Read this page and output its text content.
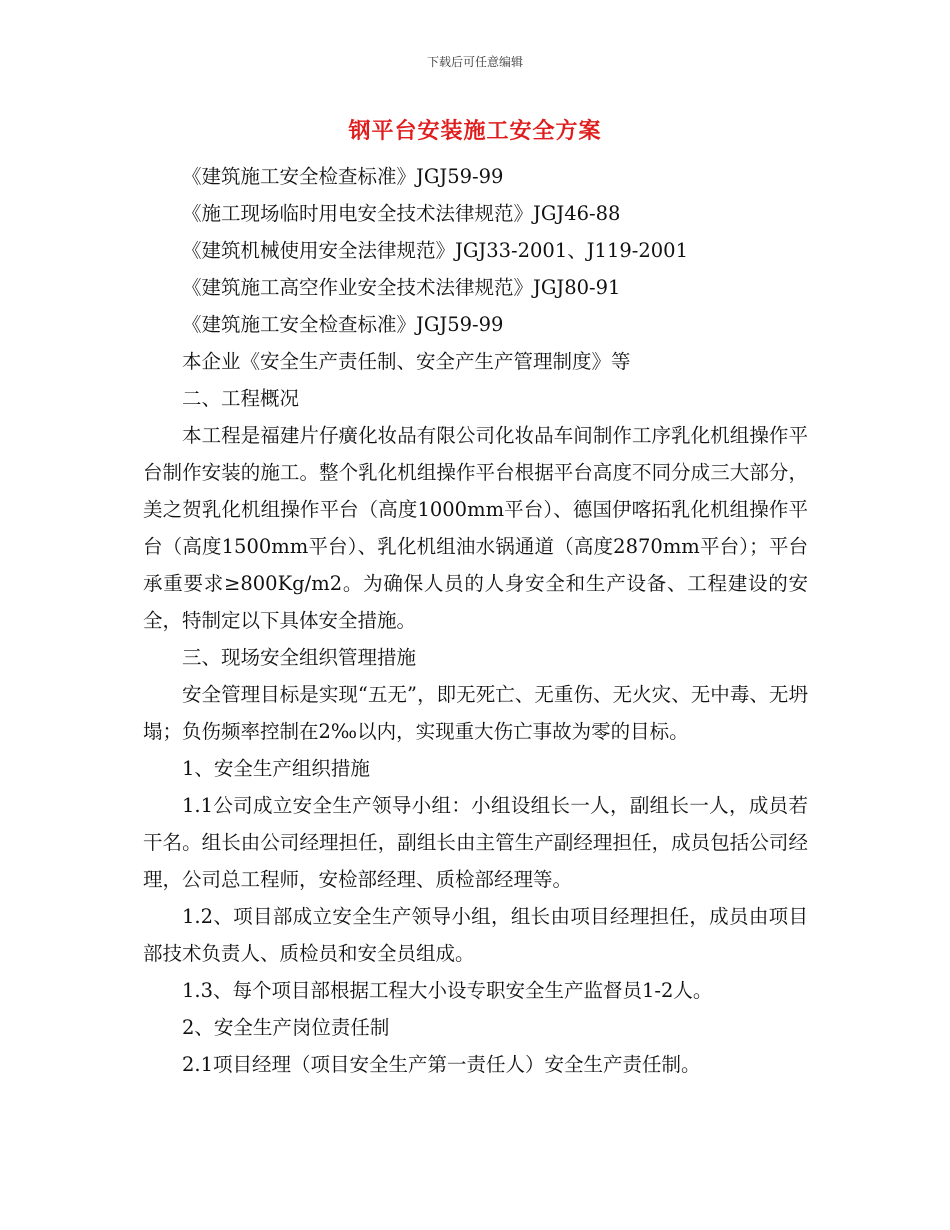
下载后可任意编辑
钢平台安装施工安全方案

《建筑施工安全检查标准》JGJ59-99

《施工现场临时用电安全技术法律规范》JGJ46-88

《建筑机械使用安全法律规范》JGJ33-2001、J119-2001

《建筑施工高空作业安全技术法律规范》JGJ80-91

《建筑施工安全检查标准》JGJ59-99

本企业《安全生产责任制、安全产生产管理制度》等

二、工程概况

本工程是福建片仔癀化妆品有限公司化妆品车间制作工序乳化机组操作平台制作安装的施工。整个乳化机组操作平台根据平台高度不同分成三大部分，美之贺乳化机组操作平台（高度1000mm平台）、德国伊喀拓乳化机组操作平台（高度1500mm平台）、乳化机组油水锅通道（高度2870mm平台）；平台承重要求≥800Kg/m2。为确保人员的人身安全和生产设备、工程建设的安全，特制定以下具体安全措施。

三、现场安全组织管理措施

安全管理目标是实现“五无”，即无死亡、无重伤、无火灾、无中毒、无坍塌；负伤频率控制在2‰以内，实现重大伤亡事故为零的目标。

1、安全生产组织措施

1.1公司成立安全生产领导小组：小组设组长一人，副组长一人，成员若干名。组长由公司经理担任，副组长由主管生产副经理担任，成员包括公司经理，公司总工程师，安检部经理、质检部经理等。

1.2、项目部成立安全生产领导小组，组长由项目经理担任，成员由项目部技术负责人、质检员和安全员组成。

1.3、每个项目部根据工程大小设专职安全生产监督员1-2人。

2、安全生产岗位责任制

2.1项目经理（项目安全生产第一责任人）安全生产责任制。
